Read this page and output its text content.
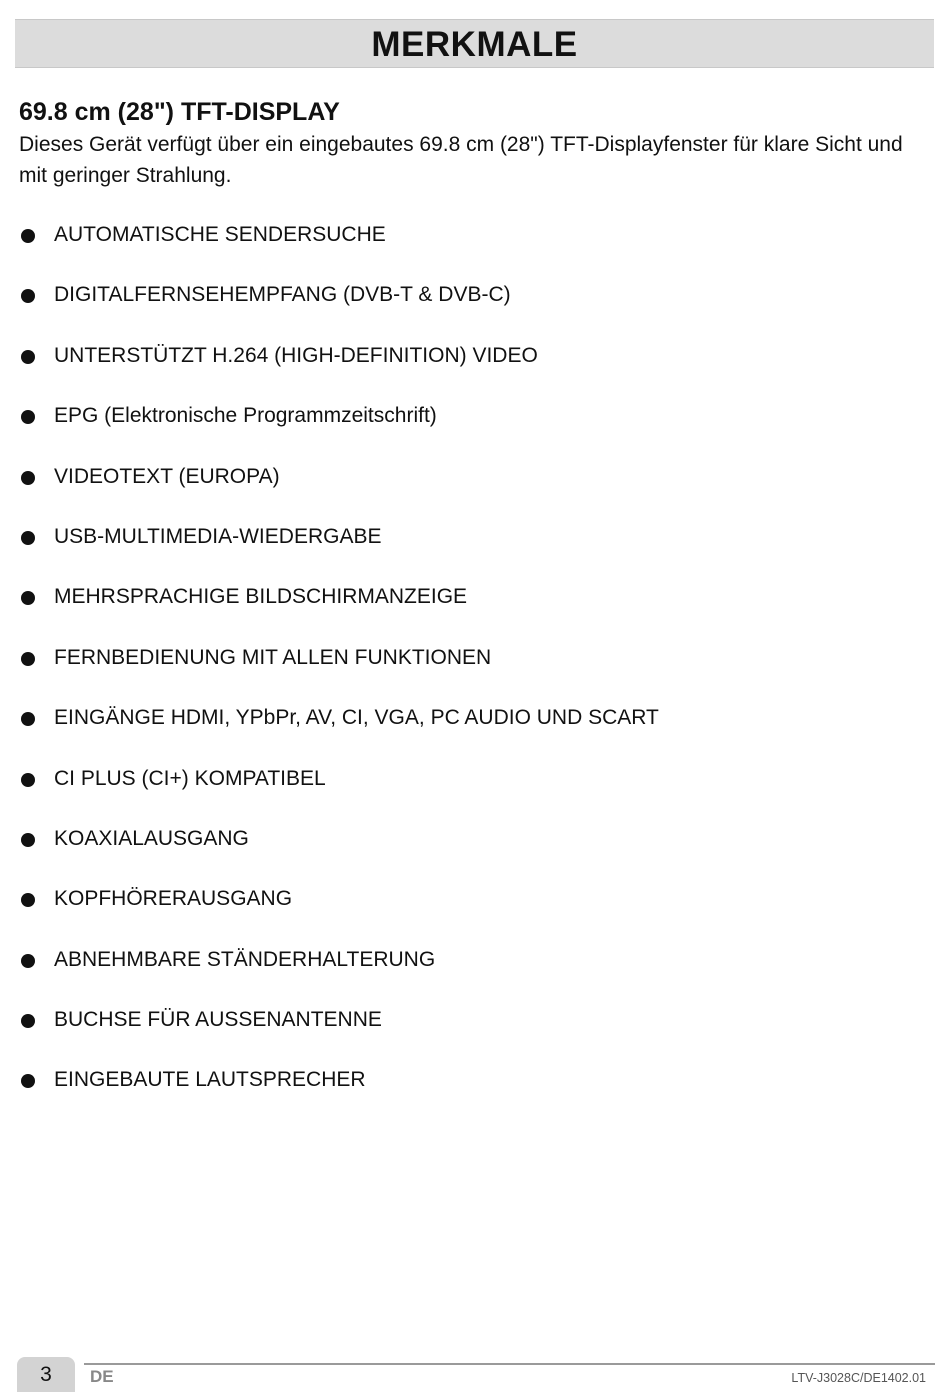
MERKMALE
69.8 cm (28") TFT-DISPLAY

Dieses Gerät verfügt über ein eingebautes 69.8 cm (28") TFT-Displayfenster für klare Sicht und mit geringer Strahlung.

AUTOMATISCHE SENDERSUCHE
DIGITALFERNSEHEMPFANG (DVB-T & DVB-C)
UNTERSTÜTZT H.264 (HIGH-DEFINITION) VIDEO
EPG (Elektronische Programmzeitschrift)
VIDEOTEXT (EUROPA)
USB-MULTIMEDIA-WIEDERGABE
MEHRSPRACHIGE BILDSCHIRMANZEIGE
FERNBEDIENUNG MIT ALLEN FUNKTIONEN
EINGÄNGE HDMI, YPbPr, AV, CI, VGA, PC AUDIO UND SCART
CI PLUS (CI+) KOMPATIBEL
KOAXIALAUSGANG
KOPFHÖRERAUSGANG
ABNEHMBARE STÄNDERHALTERUNG
BUCHSE FÜR AUSSENANTENNE
EINGEBAUTE LAUTSPRECHER
3	DE	LTV-J3028C/DE1402.01
